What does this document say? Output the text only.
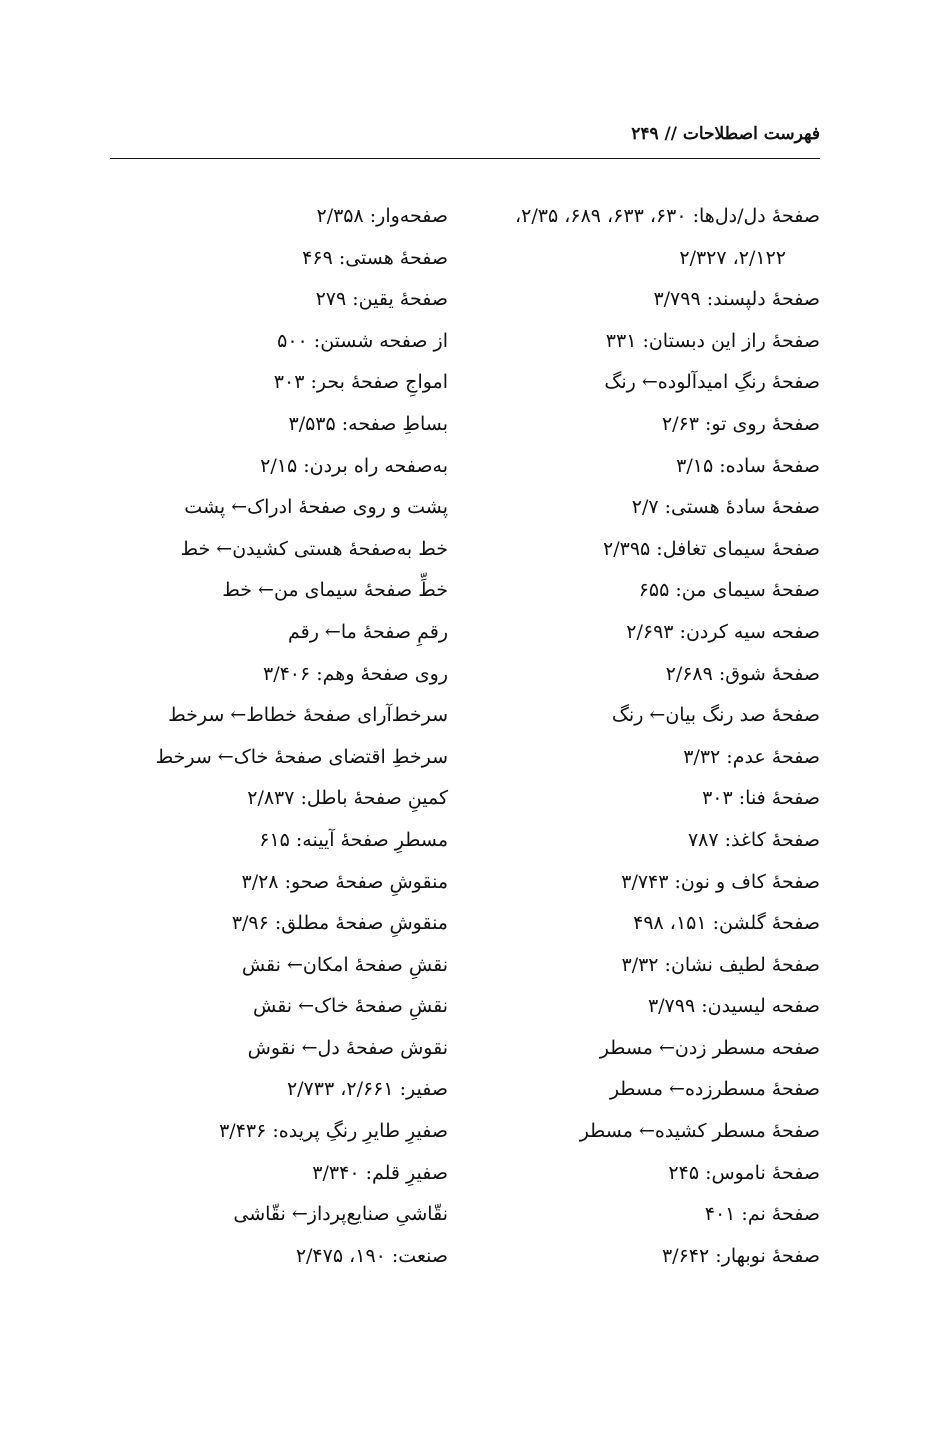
فهرست اصطلاحات // ۲۴۹
صفحهٔ دل/دل‌ها: ۶۳۰، ۶۳۳، ۶۸۹، ۲/۳۵،
۲/۱۲۲، ۲/۳۲۷
صفحهٔ دلپسند: ۳/۷۹۹
صفحهٔ راز این دبستان: ۳۳۱
صفحهٔ رنگِ امیدآلوده← رنگ
صفحهٔ روی تو: ۲/۶۳
صفحهٔ ساده: ۳/۱۵
صفحهٔ سادهٔ هستی: ۲/۷
صفحهٔ سیمای تغافل: ۲/۳۹۵
صفحهٔ سیمای من: ۶۵۵
صفحه سیه کردن: ۲/۶۹۳
صفحهٔ شوق: ۲/۶۸۹
صفحهٔ صد رنگ بیان← رنگ
صفحهٔ عدم: ۳/۳۲
صفحهٔ فنا: ۳۰۳
صفحهٔ کاغذ: ۷۸۷
صفحهٔ کاف و نون: ۳/۷۴۳
صفحهٔ گلشن: ۱۵۱، ۴۹۸
صفحهٔ لطیف نشان: ۳/۳۲
صفحه لیسیدن: ۳/۷۹۹
صفحه مسطر زدن← مسطر
صفحهٔ مسطرزده← مسطر
صفحهٔ مسطر کشیده← مسطر
صفحهٔ ناموس: ۲۴۵
صفحهٔ نم: ۴۰۱
صفحهٔ نوبهار: ۳/۶۴۲
صفحه‌وار: ۲/۳۵۸
صفحهٔ هستی: ۴۶۹
صفحهٔ یقین: ۲۷۹
از صفحه شستن: ۵۰۰
امواجِ صفحهٔ بحر: ۳۰۳
بساطِ صفحه: ۳/۵۳۵
به‌صفحه راه بردن: ۲/۱۵
پشت و روی صفحهٔ ادراک← پشت
خط به‌صفحهٔ هستی کشیدن← خط
خطِّ صفحهٔ سیمای من← خط
رقمِ صفحهٔ ما← رقم
روی صفحهٔ وهم: ۳/۴۰۶
سرخط‌آرای صفحهٔ خطاط← سرخط
سرخطِ اقتضای صفحهٔ خاک← سرخط
کمینِ صفحهٔ باطل: ۲/۸۳۷
مسطرِ صفحهٔ آیینه: ۶۱۵
منقوشِ صفحهٔ صحو: ۳/۲۸
منقوشِ صفحهٔ مطلق: ۳/۹۶
نقشِ صفحهٔ امکان← نقش
نقشِ صفحهٔ خاک← نقش
نقوش صفحهٔ دل← نقوش
صفیر: ۲/۶۶۱، ۲/۷۳۳
صفیرِ طایرِ رنگِ پریده: ۳/۴۳۶
صفیرِ قلم: ۳/۳۴۰
نقّاشیِ صنایع‌پرداز← نقّاشی
صنعت: ۱۹۰، ۲/۴۷۵
